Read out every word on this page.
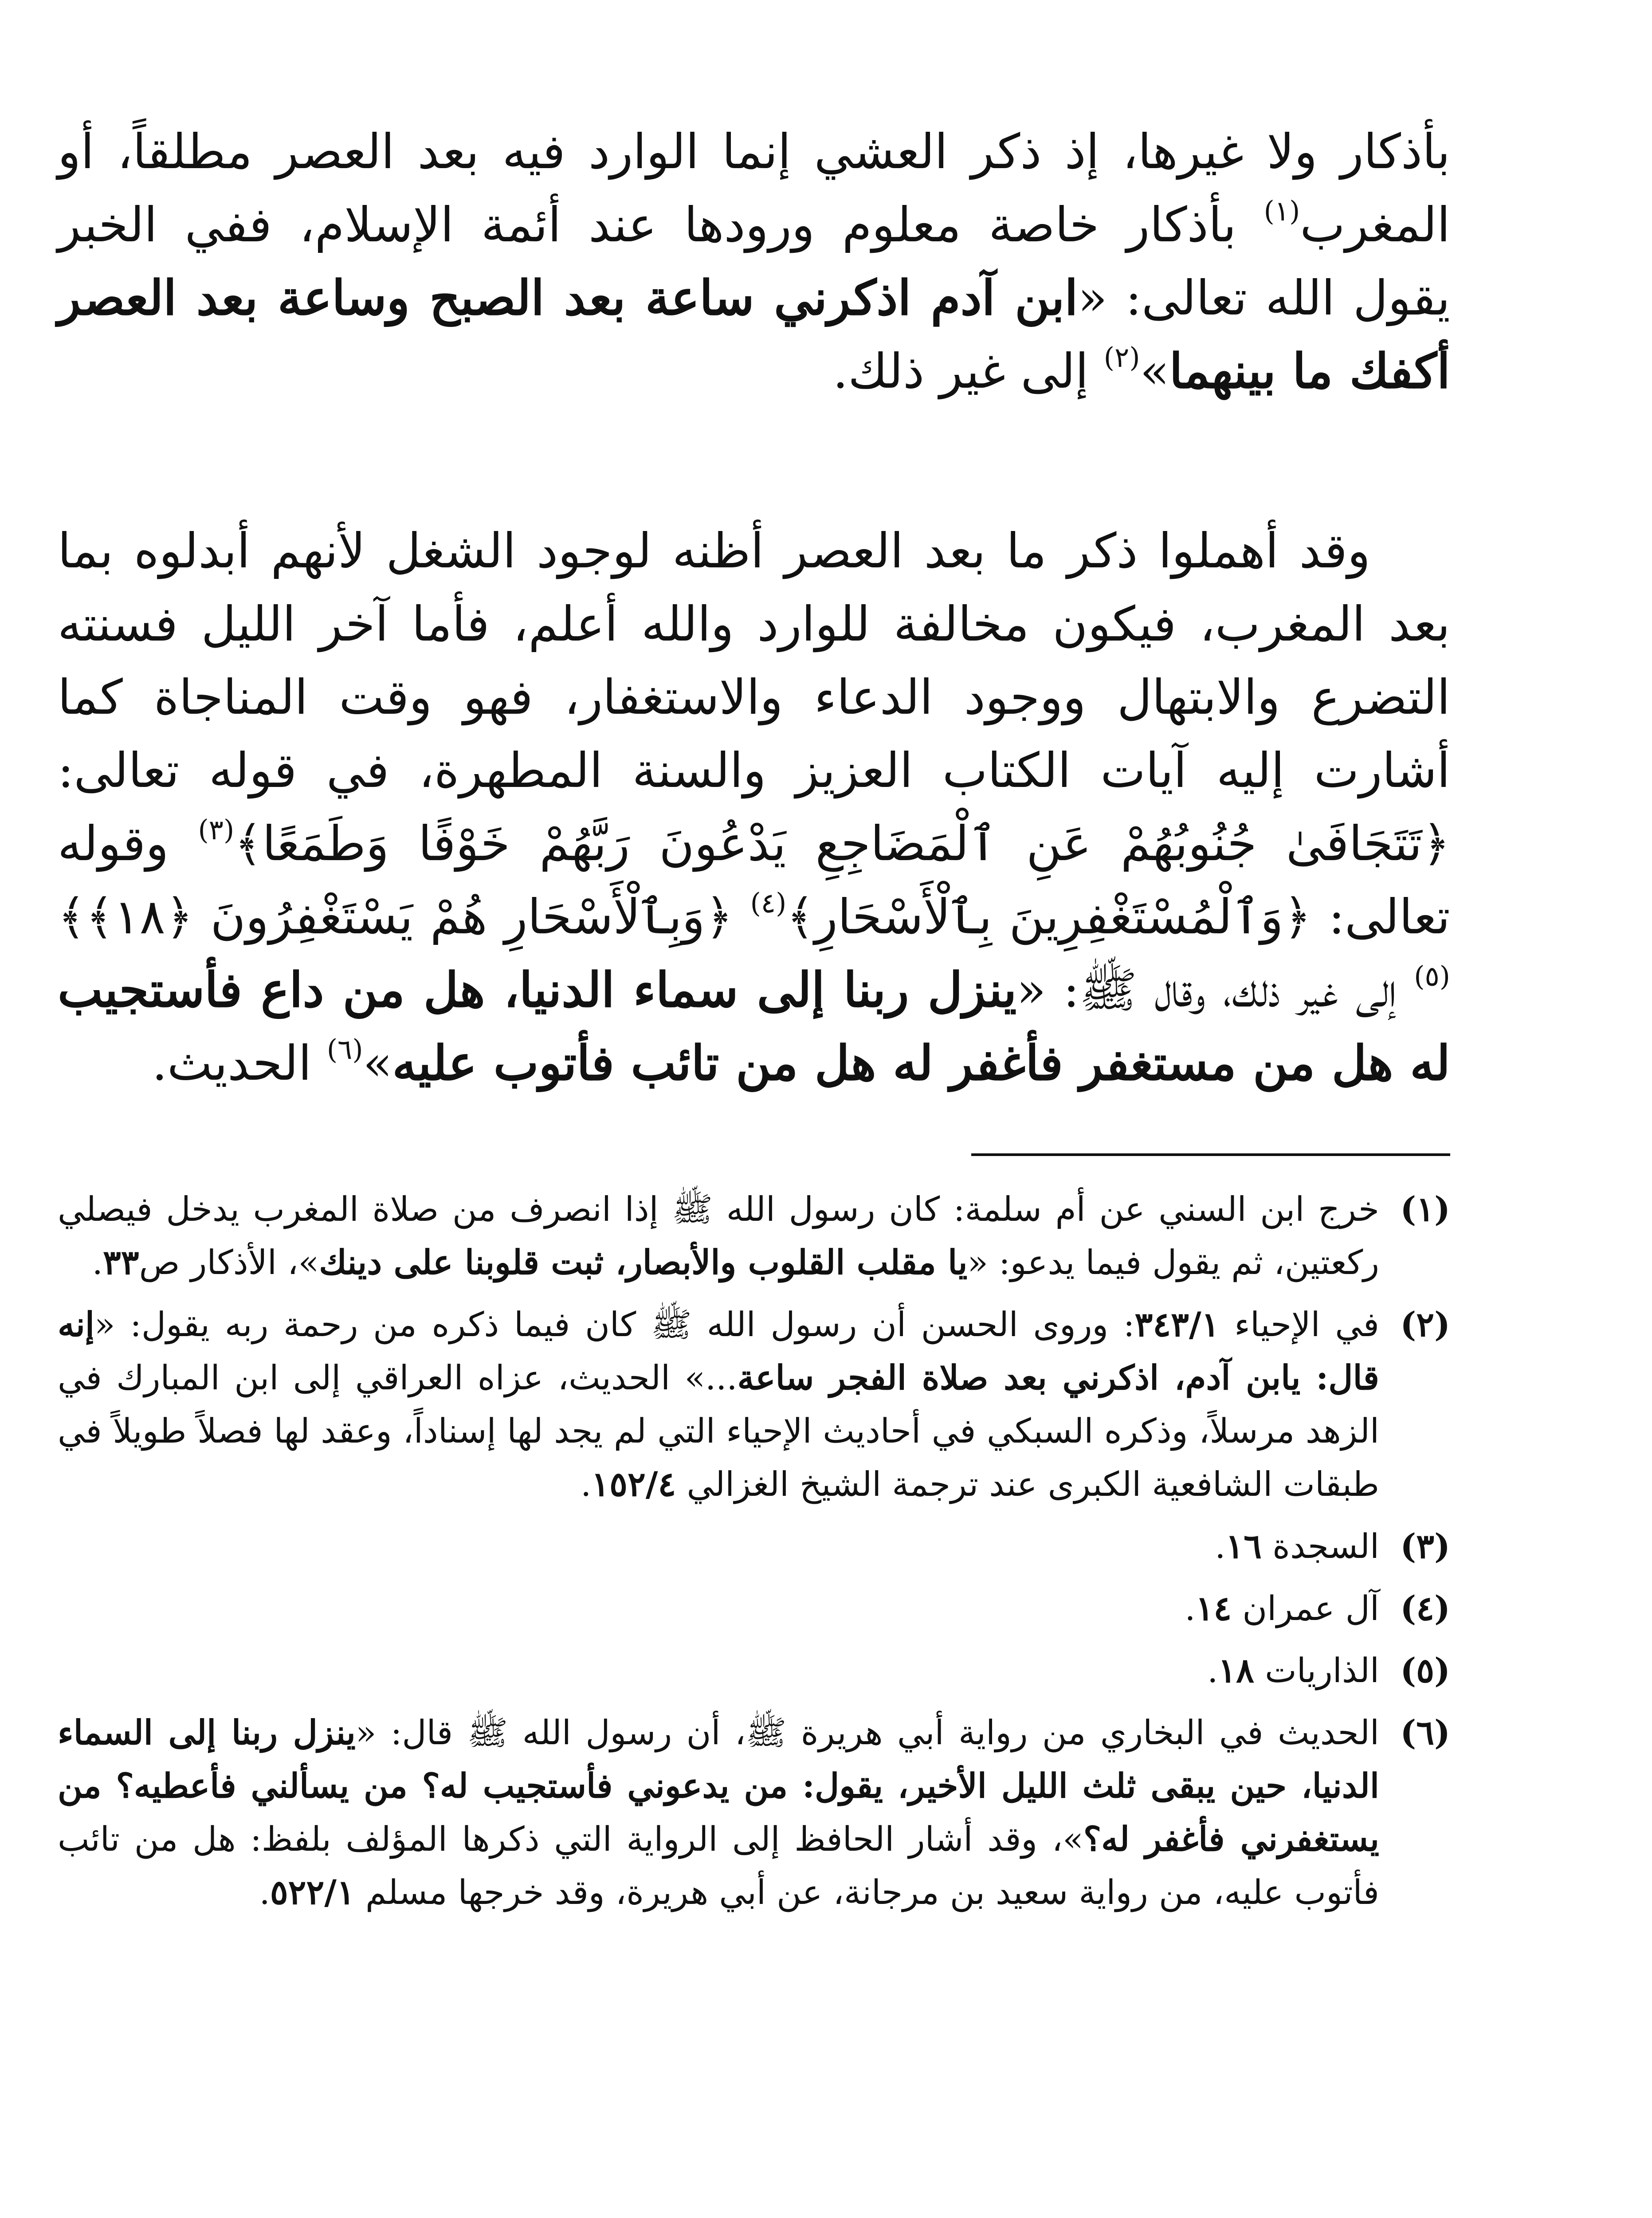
بأذكار ولا غيرها، إذ ذكر العشي إنما الوارد فيه بعد العصر مطلقاً، أو المغرب$^{(١)}$ بأذكار خاصة معلوم ورودها عند أئمة الإسلام، ففي الخبر يقول الله تعالى: «ابن آدم اذكرني ساعة بعد الصبح وساعة بعد العصر أكفك ما بينهما»$^{(٢)}$ إلى غير ذلك.

وقد أهملوا ذكر ما بعد العصر أظنه لوجود الشغل لأنهم أبدلوه بما بعد المغرب، فيكون مخالفة للوارد والله أعلم، فأما آخر الليل فسنته التضرع والابتهال ووجود الدعاء والاستغفار، فهو وقت المناجاة كما أشارت إليه آيات الكتاب العزيز والسنة المطهرة، في قوله تعالى: ﴿تَتَجَافَىٰ جُنُوبُهُمْ عَنِ ٱلْمَضَاجِعِ يَدْعُونَ رَبَّهُمْ خَوْفًا وَطَمَعًا﴾$^{(٣)}$ وقوله تعالى: ﴿وَٱلْمُسْتَغْفِرِينَ بِٱلْأَسْحَارِ﴾$^{(٤)}$ ﴿وَبِٱلْأَسْحَارِ هُمْ يَسْتَغْفِرُونَ ﴿١٨﴾﴾$^{(٥)}$ إلى غير ذلك، وقال ﷺ: «ينزل ربنا إلى سماء الدنيا، هل من داع فأستجيب له هل من مستغفر فأغفر له هل من تائب فأتوب عليه»$^{(٦)}$ الحديث.

(١)
خرج ابن السني عن أم سلمة: كان رسول الله ﷺ إذا انصرف من صلاة المغرب يدخل فيصلي ركعتين، ثم يقول فيما يدعو: «يا مقلب القلوب والأبصار، ثبت قلوبنا على دينك»، الأذكار ص٣٣.
(٢)
في الإحياء ٣٤٣/١: وروى الحسن أن رسول الله ﷺ كان فيما ذكره من رحمة ربه يقول: «إنه قال: يابن آدم، اذكرني بعد صلاة الفجر ساعة...» الحديث، عزاه العراقي إلى ابن المبارك في الزهد مرسلاً، وذكره السبكي في أحاديث الإحياء التي لم يجد لها إسناداً، وعقد لها فصلاً طويلاً في طبقات الشافعية الكبرى عند ترجمة الشيخ الغزالي ١٥٢/٤.
(٣)
السجدة ١٦.
(٤)
آل عمران ١٤.
(٥)
الذاريات ١٨.
(٦)
الحديث في البخاري من رواية أبي هريرة ﷺ، أن رسول الله ﷺ قال: «ينزل ربنا إلى السماء الدنيا، حين يبقى ثلث الليل الأخير، يقول: من يدعوني فأستجيب له؟ من يسألني فأعطيه؟ من يستغفرني فأغفر له؟»، وقد أشار الحافظ إلى الرواية التي ذكرها المؤلف بلفظ: هل من تائب فأتوب عليه، من رواية سعيد بن مرجانة، عن أبي هريرة، وقد خرجها مسلم ٥٢٢/١.
